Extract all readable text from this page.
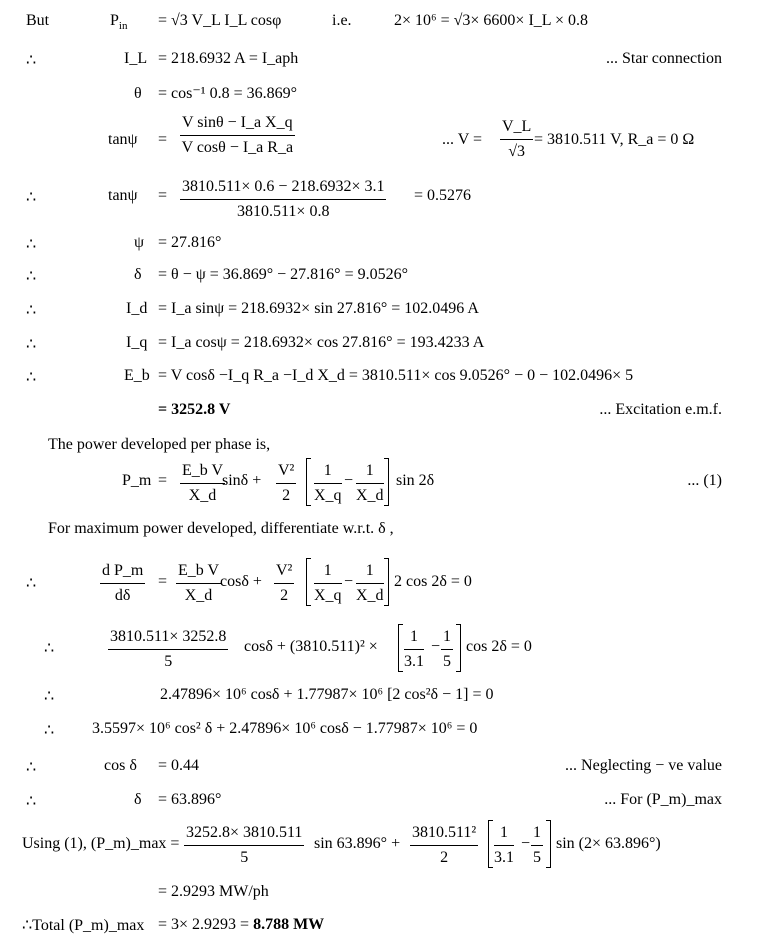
But	$P_{in} = √3$ V_L I_L cosφ	i.e.	2× 10⁶ = √3× 6600× I_L × 0.8
∴	I_L = 218.6932 A = I_aph	... Star connection
θ = cos⁻¹ 0.8 = 36.869°
$\tan\psi = \frac{\text{V sinθ − I\_a X\_q}}{\text{V cosθ − I\_a R\_a}}$	... $V = \frac{V\_L}{√3} = 3810.511$ V, R_a = 0 Ω
∴	$\tan\psi = \frac{3810.511\times 0.6 - 218.6932\times 3.1}{3810.511\times 0.8} = 0.5276$
∴	ψ = 27.816°
∴	δ = θ − ψ = 36.869° − 27.816° = 9.0526°
∴	I_d = I_a sinψ = 218.6932× sin 27.816° = 102.0496 A
∴	I_q = I_a cosψ = 218.6932× cos 27.816° = 193.4233 A
∴	E_b = V cosδ −I_q R_a −I_d X_d = 3810.511× cos 9.0526° − 0 − 102.0496× 5
= 3252.8 V	... Excitation e.m.f.
The power developed per phase is,
P_m = $\frac{\text{E\_b V}}{X\_d}$
$\sin\delta + \frac{\text{V²}}{2} \frac{1}{X\_q} - \frac{1}{X\_d}$ sin 2δ	... (1)
For maximum power developed, differentiate w.r.t. δ ,
∴	$\frac{\text{d P\_m}}{d\delta} = \frac{\text{E\_b V}}{X\_d}$
$\cos\delta + \frac{\text{V²}}{2} \frac{1}{X\_q} - \frac{1}{X\_d} 2$ cos 2δ = 0
∴	$\frac{3810.511\times 3252.8}{5}$ $\cos\delta + (3810.511)^2 \times \frac{1}{3.1} - \frac{1}{5}$ cos 2δ = 0
∴	2.47896× 10⁶ cosδ + 1.77987× 10⁶ [2 cos²δ − 1] = 0
∴ 3.5597× 10⁶ cos² δ + 2.47896× 10⁶ cosδ − 1.77987× 10⁶ = 0
∴	cos δ = 0.44	... Neglecting − ve value
∴	δ = 63.896°	... For (P_m)_max
Using (1), (P_m)_max = $\frac{3252.8\times 3810.511}{5}$ $\sin 63.896^\circ + \frac{\text{3810.511²}}{2} \frac{1}{3.1} - \frac{1}{5}$ sin (2× 63.896°)
= 2.9293 MW/ph
∴Total (P_m)_max = 3× 2.9293 = 8.788 MW
